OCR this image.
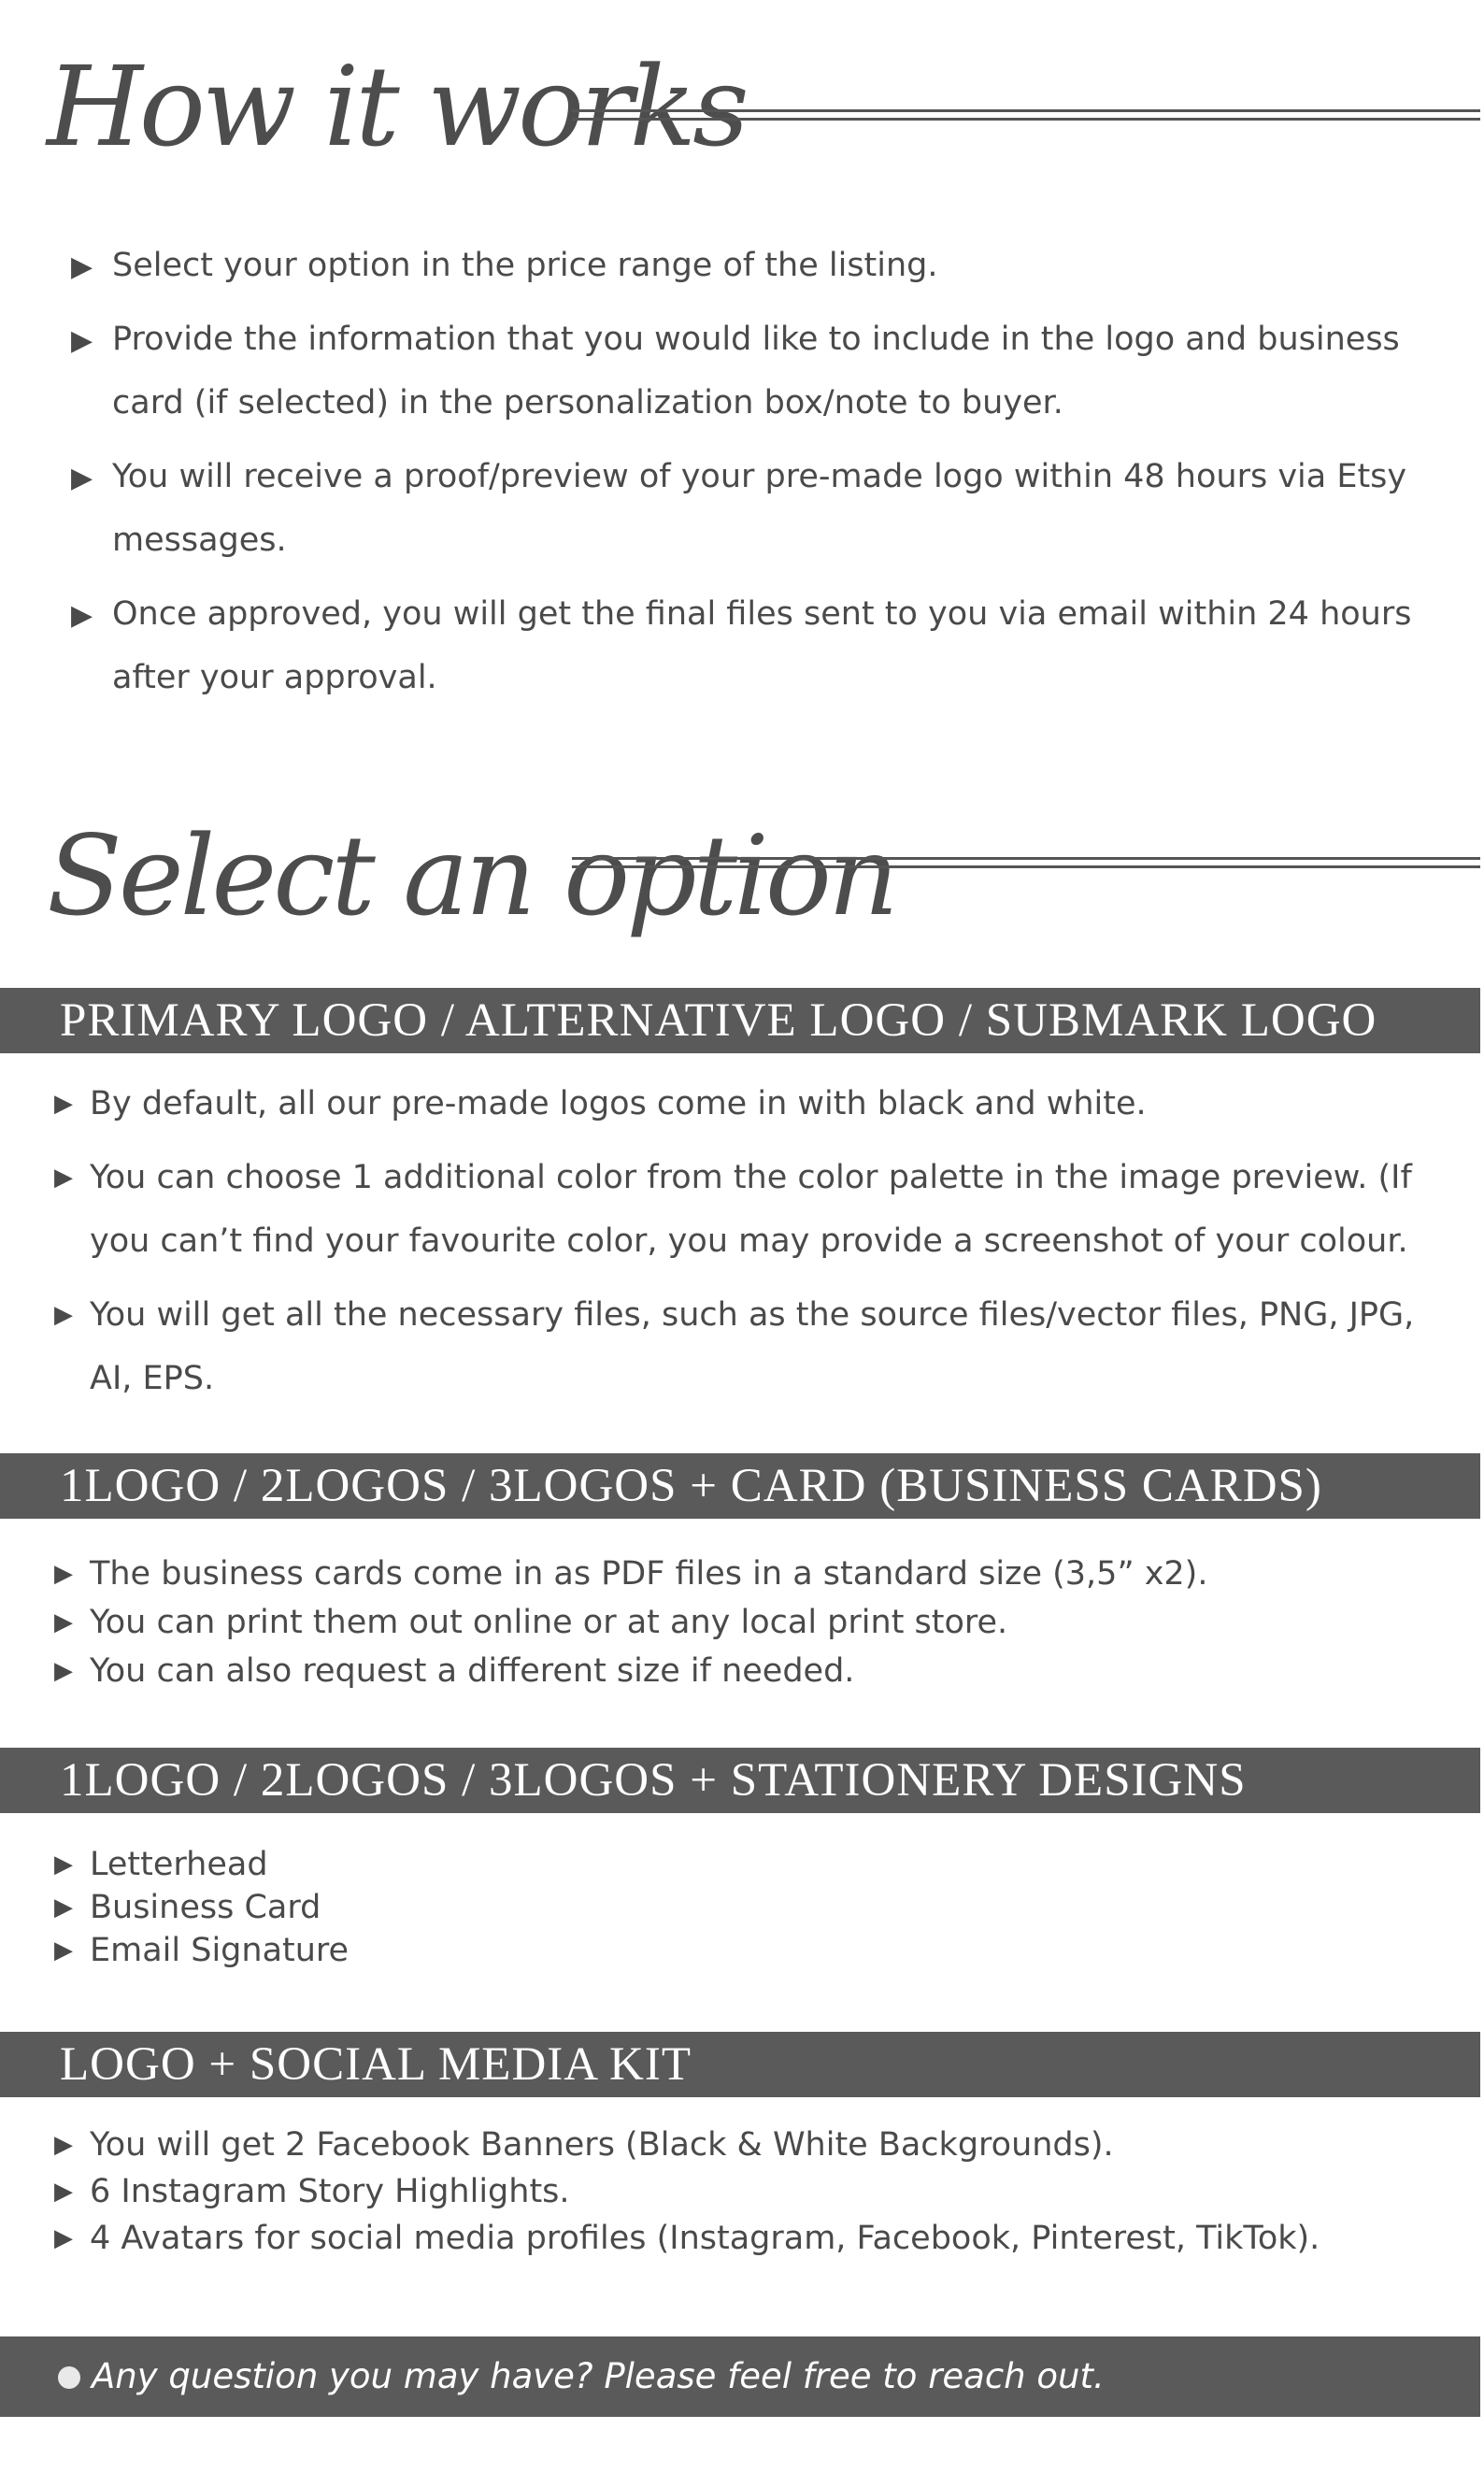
How it works
▶ Select your option in the price range of the listing.
▶ Provide the information that you would like to include in the logo and business card (if selected) in the personalization box/note to buyer.
▶ You will receive a proof/preview of your pre-made logo within 48 hours via Etsy messages.
▶ Once approved, you will get the final files sent to you via email within 24 hours after your approval.
Select an option
PRIMARY LOGO / ALTERNATIVE LOGO / SUBMARK LOGO
▶ By default, all our pre-made logos come in with black and white.
▶ You can choose 1 additional color from the color palette in the image preview. (If you can’t find your favourite color, you may provide a screenshot of your colour.
▶ You will get all the necessary files, such as the source files/vector files, PNG, JPG, AI, EPS.
1LOGO / 2LOGOS / 3LOGOS + CARD (BUSINESS CARDS)
▶ The business cards come in as PDF files in a standard size (3,5” x2).
▶ You can print them out online or at any local print store.
▶ You can also request a different size if needed.
1LOGO / 2LOGOS / 3LOGOS + STATIONERY DESIGNS
▶ Letterhead
▶ Business Card
▶ Email Signature
LOGO + SOCIAL MEDIA KIT
▶ You will get 2 Facebook Banners (Black & White Backgrounds).
▶ 6 Instagram Story Highlights.
▶ 4 Avatars for social media profiles (Instagram, Facebook, Pinterest, TikTok).
Any question you may have? Please feel free to reach out.
